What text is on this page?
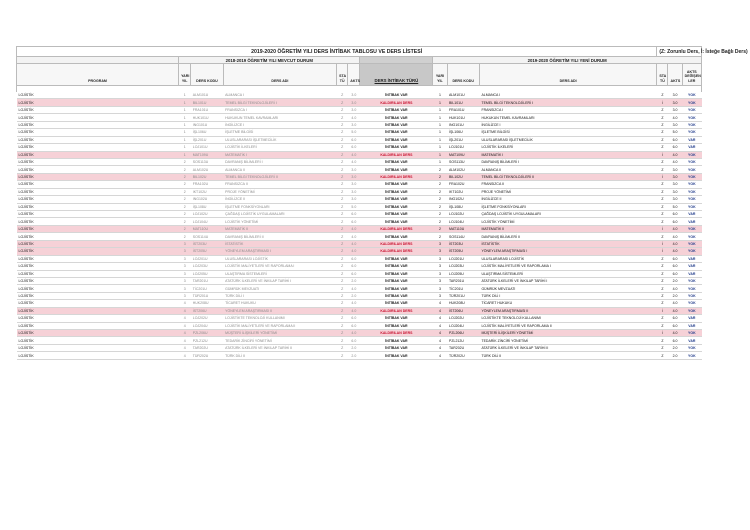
2019-2020 ÖĞRETİM YILI DERS İNTİBAK TABLOSU VE DERS LİSTESİ										(Z: Zorunlu Ders, İ: İsteğe Bağlı Ders)		
	2018-2019 ÖĞRETİM YILI MEVCUT DURUM						2019-2020 ÖĞRETİM YILI YENİ DURUM					
PROGRAM	YARI YIL	DERS KODU	DERS ADI	STA TÜ	AKTS	DERS İNTİBAK TÜRÜ	YARI YIL	DERS KODU	DERS ADI	STA TÜ	AKTS	AKTS DEĞİŞEN LER

LOJİSTİK	1	ALM101U	ALMANCA I	Z	3.0	İNTİBAK VAR	1	ALM101U	ALMANCA I	Z	3.0	YOK
LOJİSTİK	1	BIL101U	TEMEL BİLGİ TEKNOLOJİLERİ I	Z	3.0	KALDIRILAN DERS	1	BIL101U	TEMEL BİLGİ TEKNOLOJİLERİ I	İ	3.0	YOK
LOJİSTİK	1	FRA101U	FRANSIZCA I	Z	3.0	İNTİBAK VAR	1	FRA101U	FRANSIZCA I	Z	3.0	YOK
LOJİSTİK	1	HUK101U	HUKUKUN TEMEL KAVRAMLARI	Z	4.0	İNTİBAK VAR	1	HUK101U	HUKUKUN TEMEL KAVRAMLARI	Z	4.0	YOK
LOJİSTİK	1	ING101U	İNGİLİZCE I	Z	3.0	İNTİBAK VAR	1	ING101U	İNGİLİZCE I	Z	3.0	YOK
LOJİSTİK	1	İŞL106U	İŞLETME BİLGİSİ	Z	5.0	İNTİBAK VAR	1	İŞL106U	İŞLETME BİLGİSİ	Z	5.0	YOK
LOJİSTİK	1	İŞL201U	ULUSLARARASI İŞLETMECİLİK	Z	6.0	İNTİBAK VAR	1	İŞL201U	ULUSLARARASI İŞLETMECİLİK	Z	6.0	VAR
LOJİSTİK	1	LOJ101U	LOJİSTİK İLKELERİ	Z	6.0	İNTİBAK VAR	1	LOJ101U	LOJİSTİK İLKELERİ	Z	6.0	VAR
LOJİSTİK	1	MAT109U	MATEMATİK I	Z	4.0	KALDIRILAN DERS	1	MAT109U	MATEMATİK I	İ	4.0	YOK
LOJİSTİK	2	SOS113U	DAVRANIŞ BİLİMLERİ I	Z	4.0	İNTİBAK VAR	1	SOS113U	DAVRANIŞ BİLİMLERİ I	Z	4.0	YOK
LOJİSTİK	2	ALM102U	ALMANCA II	Z	3.0	İNTİBAK VAR	2	ALM102U	ALMANCA II	Z	3.0	YOK
LOJİSTİK	2	BIL102U	TEMEL BİLGİ TEKNOLOJİLERİ II	Z	3.0	KALDIRILAN DERS	2	BIL102U	TEMEL BİLGİ TEKNOLOJİLERİ II	İ	3.0	YOK
LOJİSTİK	2	FRA102U	FRANSIZCA II	Z	3.0	İNTİBAK VAR	2	FRA102U	FRANSIZCA II	Z	3.0	YOK
LOJİSTİK	2	IKT102U	PROJE YÖNETİMİ	Z	3.0	İNTİBAK VAR	2	IKT102U	PROJE YÖNETİMİ	Z	3.0	YOK
LOJİSTİK	2	ING102U	İNGİLİZCE II	Z	3.0	İNTİBAK VAR	2	ING102U	İNGİLİZCE II	Z	3.0	YOK
LOJİSTİK	2	İŞL108U	İŞLETME FONKSİYONLARI	Z	5.0	İNTİBAK VAR	2	İŞL108U	İŞLETME FONKSİYONLARI	Z	5.0	YOK
LOJİSTİK	2	LOJ102U	ÇAĞDAŞ LOJİSTİK UYGULAMALARI	Z	6.0	İNTİBAK VAR	2	LOJ102U	ÇAĞDAŞ LOJİSTİK UYGULAMALARI	Z	6.0	VAR
LOJİSTİK	2	LOJ104U	LOJİSTİK YÖNETİMİ	Z	6.0	İNTİBAK VAR	2	LOJ104U	LOJİSTİK YÖNETİMİ	Z	6.0	VAR
LOJİSTİK	2	MAT110U	MATEMATİK II	Z	4.0	KALDIRILAN DERS	2	MAT110U	MATEMATİK II	İ	4.0	YOK
LOJİSTİK	2	SOS114U	DAVRANIŞ BİLİMLERİ II	Z	4.0	İNTİBAK VAR	2	SOS114U	DAVRANIŞ BİLİMLERİ II	Z	4.0	YOK
LOJİSTİK	3	İST203U	İSTATİSTİK	Z	4.0	KALDIRILAN DERS	3	İST203U	İSTATİSTİK	İ	4.0	YOK
LOJİSTİK	3	İST205U	YÖNEYLEM ARAŞTIRMASI I	Z	4.0	KALDIRILAN DERS	3	İST205U	YÖNEYLEM ARAŞTIRMASI I	İ	4.0	YOK
LOJİSTİK	3	LOJ201U	ULUSLARARASI LOJİSTİK	Z	6.0	İNTİBAK VAR	3	LOJ201U	ULUSLARARASI LOJİSTİK	Z	6.0	VAR
LOJİSTİK	3	LOJ203U	LOJİSTİK MALİYETLERİ VE RAPORLAMA I	Z	6.0	İNTİBAK VAR	3	LOJ203U	LOJİSTİK MALİYETLERİ VE RAPORLAMA I	Z	6.0	VAR
LOJİSTİK	3	LOJ205U	ULAŞTIRMA SİSTEMLERİ	Z	6.0	İNTİBAK VAR	3	LOJ205U	ULAŞTIRMA SİSTEMLERİ	Z	6.0	VAR
LOJİSTİK	3	TAR201U	ATATÜRK İLKELERİ VE İNKILAP TARİHİ I	Z	2.0	İNTİBAK VAR	3	TAR201U	ATATÜRK İLKELERİ VE İNKILAP TARİHİ I	Z	2.0	YOK
LOJİSTİK	3	TİC201U	GÜMRÜK MEVZUATI	Z	4.0	İNTİBAK VAR	3	TİC201U	GÜMRÜK MEVZUATI	Z	4.0	YOK
LOJİSTİK	3	TÜR201U	TÜRK DİLİ I	Z	2.0	İNTİBAK VAR	3	TÜR201U	TÜRK DİLİ I	Z	2.0	YOK
LOJİSTİK	4	HUK208U	TİCARET HUKUKU	Z	4.0	İNTİBAK VAR	4	HUK208U	TİCARET HUKUKU	Z	4.0	YOK
LOJİSTİK	4	İST206U	YÖNEYLEM ARAŞTIRMASI II	Z	4.0	KALDIRILAN DERS	4	İST206U	YÖNEYLEM ARAŞTIRMASI II	İ	4.0	YOK
LOJİSTİK	4	LOJ202U	LOJİSTİKTE TEKNOLOJİ KULLANIMI	Z	6.0	İNTİBAK VAR	4	LOJ202U	LOJİSTİKTE TEKNOLOJİ KULLANIMI	Z	6.0	VAR
LOJİSTİK	4	LOJ204U	LOJİSTİK MALİYETLERİ VE RAPORLAMA II	Z	6.0	İNTİBAK VAR	4	LOJ204U	LOJİSTİK MALİYETLERİ VE RAPORLAMA II	Z	6.0	VAR
LOJİSTİK	4	PZL206U	MÜŞTERİ İLİŞKİLERİ YÖNETİMİ	Z	4.0	KALDIRILAN DERS	4	PZL206U	MÜŞTERİ İLİŞKİLERİ YÖNETİMİ	İ	4.0	YOK
LOJİSTİK	4	PZL212U	TEDARİK ZİNCİRİ YÖNETİMİ	Z	6.0	İNTİBAK VAR	4	PZL212U	TEDARİK ZİNCİRİ YÖNETİMİ	Z	6.0	VAR
LOJİSTİK	4	TAR202U	ATATÜRK İLKELERİ VE İNKILAP TARİHİ II	Z	2.0	İNTİBAK VAR	4	TAR202U	ATATÜRK İLKELERİ VE İNKILAP TARİHİ II	Z	2.0	YOK
LOJİSTİK	4	TÜR202U	TÜRK DİLİ II	Z	2.0	İNTİBAK VAR	4	TÜR202U	TÜRK DİLİ II	Z	2.0	YOK
